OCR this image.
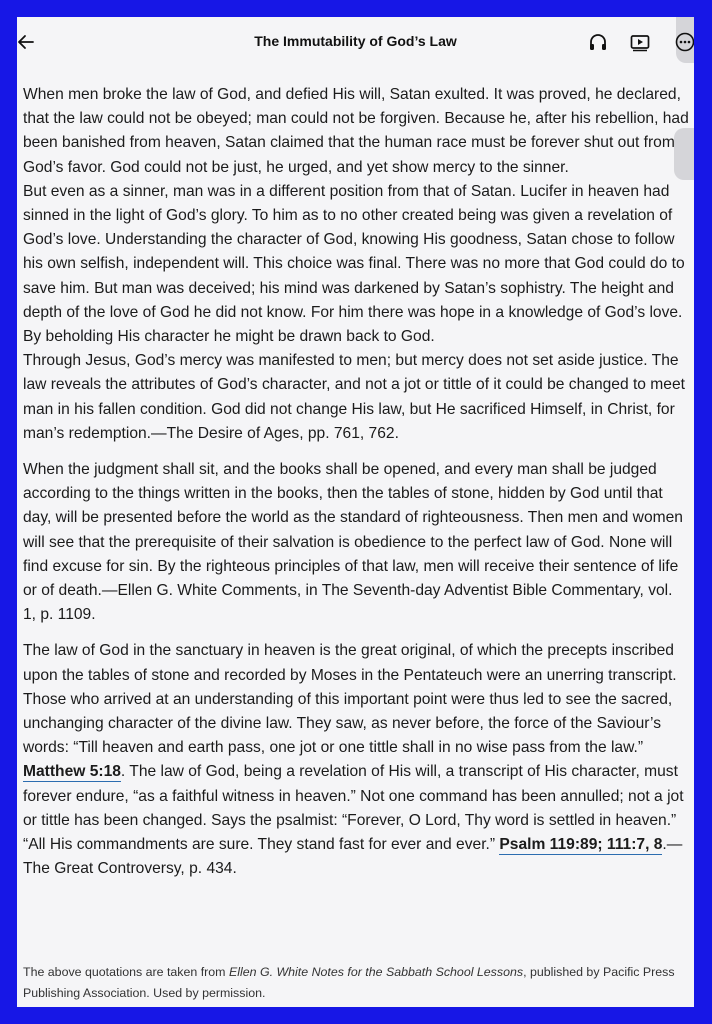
The Immutability of God’s Law

When men broke the law of God, and defied His will, Satan exulted. It was proved, he declared, that the law could not be obeyed; man could not be forgiven. Because he, after his rebellion, had been banished from heaven, Satan claimed that the human race must be forever shut out from God’s favor. God could not be just, he urged, and yet show mercy to the sinner.

But even as a sinner, man was in a different position from that of Satan. Lucifer in heaven had sinned in the light of God’s glory. To him as to no other created being was given a revelation of God’s love. Understanding the character of God, knowing His goodness, Satan chose to follow his own selfish, independent will. This choice was final. There was no more that God could do to save him. But man was deceived; his mind was darkened by Satan’s sophistry. The height and depth of the love of God he did not know. For him there was hope in a knowledge of God’s love. By beholding His character he might be drawn back to God.

Through Jesus, God’s mercy was manifested to men; but mercy does not set aside justice. The law reveals the attributes of God’s character, and not a jot or tittle of it could be changed to meet man in his fallen condition. God did not change His law, but He sacrificed Himself, in Christ, for man’s redemption.—The Desire of Ages, pp. 761, 762.

When the judgment shall sit, and the books shall be opened, and every man shall be judged according to the things written in the books, then the tables of stone, hidden by God until that day, will be presented before the world as the standard of righteousness. Then men and women will see that the prerequisite of their salvation is obedience to the perfect law of God. None will find excuse for sin. By the righteous principles of that law, men will receive their sentence of life or of death.—Ellen G. White Comments, in The Seventh-day Adventist Bible Commentary, vol. 1, p. 1109.

The law of God in the sanctuary in heaven is the great original, of which the precepts inscribed upon the tables of stone and recorded by Moses in the Pentateuch were an unerring transcript. Those who arrived at an understanding of this important point were thus led to see the sacred, unchanging character of the divine law. They saw, as never before, the force of the Saviour’s words: “Till heaven and earth pass, one jot or one tittle shall in no wise pass from the law.” Matthew 5:18. The law of God, being a revelation of His will, a transcript of His character, must forever endure, “as a faithful witness in heaven.” Not one command has been annulled; not a jot or tittle has been changed. Says the psalmist: “Forever, O Lord, Thy word is settled in heaven.” “All His commandments are sure. They stand fast for ever and ever.” Psalm 119:89; 111:7, 8.—The Great Controversy, p. 434.

The above quotations are taken from Ellen G. White Notes for the Sabbath School Lessons, published by Pacific Press Publishing Association. Used by permission.
